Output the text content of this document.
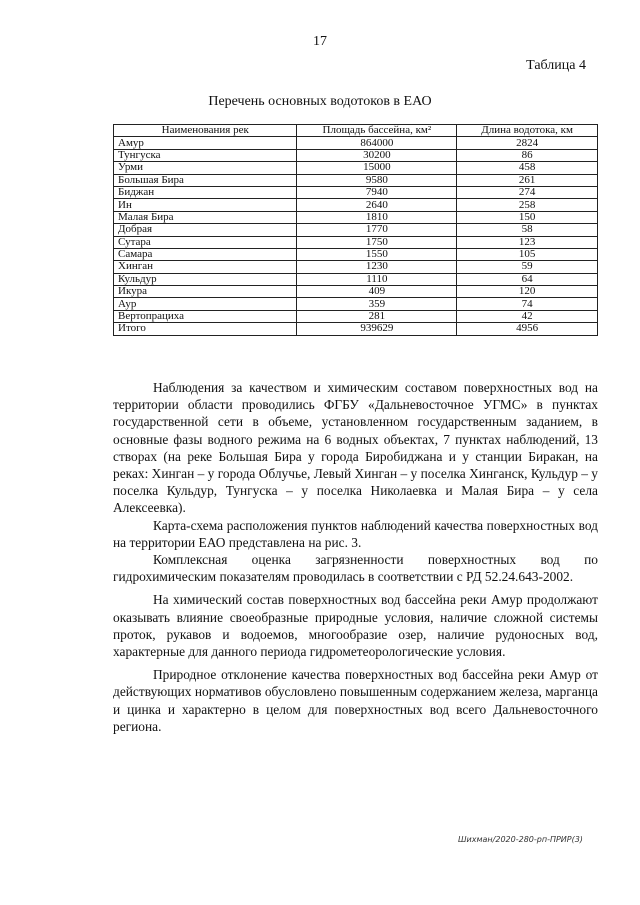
17
Таблица 4
Перечень основных водотоков в ЕАО
Наименования рек	Площадь бассейна, км²	Длина водотока, км
Амур	864000	2824
Тунгуска	30200	86
Урми	15000	458
Большая Бира	9580	261
Биджан	7940	274
Ин	2640	258
Малая Бира	1810	150
Добрая	1770	58
Сутара	1750	123
Самара	1550	105
Хинган	1230	59
Кульдур	1110	64
Икура	409	120
Аур	359	74
Вертопрациха	281	42
Итого	939629	4956

Наблюдения за качеством и химическим составом поверхностных вод на территории области проводились ФГБУ «Дальневосточное УГМС» в пунктах государственной сети в объеме, установленном государственным заданием, в основные фазы водного режима на 6 водных объектах, 7 пунктах наблюдений, 13 створах (на реке Большая Бира у города Биробиджана и у станции Биракан, на реках: Хинган – у города Облучье, Левый Хинган – у поселка Хинганск, Кульдур – у поселка Кульдур, Тунгуска – у поселка Николаевка и Малая Бира – у села Алексеевка).

Карта-схема расположения пунктов наблюдений качества поверхностных вод на территории ЕАО представлена на рис. 3.

Комплексная оценка загрязненности поверхностных вод по гидрохимическим показателям проводилась в соответствии с РД 52.24.643-2002.

На химический состав поверхностных вод бассейна реки Амур продолжают оказывать влияние своеобразные природные условия, наличие сложной системы проток, рукавов и водоемов, многообразие озер, наличие рудоносных вод, характерные для данного периода гидрометеорологические условия.

Природное отклонение качества поверхностных вод бассейна реки Амур от действующих нормативов обусловлено повышенным содержанием железа, марганца и цинка и характерно в целом для поверхностных вод всего Дальневосточного региона.

Шихман/2020-280-рп-ПРИР(3)
